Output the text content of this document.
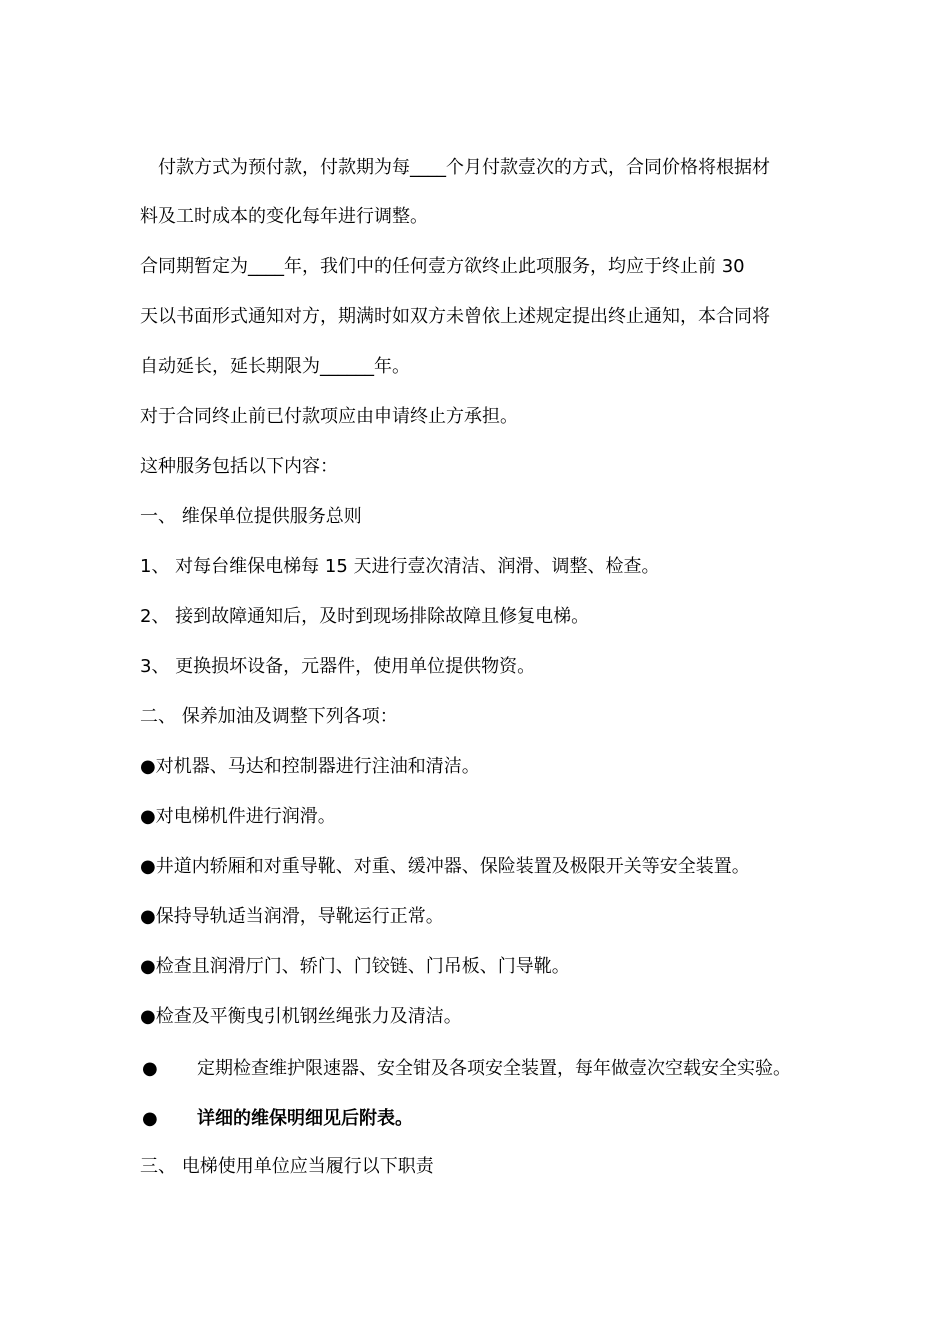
付款方式为预付款，付款期为每____个月付款壹次的方式，合同价格将根据材
料及工时成本的变化每年进行调整。
合同期暂定为____年，我们中的任何壹方欲终止此项服务，均应于终止前 30
天以书面形式通知对方，期满时如双方未曾依上述规定提出终止通知，本合同将
自动延长，延长期限为______年。
对于合同终止前已付款项应由申请终止方承担。
这种服务包括以下内容：
一、 维保单位提供服务总则
1、 对每台维保电梯每 15 天进行壹次清洁、润滑、调整、检查。
2、 接到故障通知后，及时到现场排除故障且修复电梯。
3、 更换损坏设备，元器件，使用单位提供物资。
二、 保养加油及调整下列各项：
●对机器、马达和控制器进行注油和清洁。
●对电梯机件进行润滑。
●井道内轿厢和对重导靴、对重、缓冲器、保险装置及极限开关等安全装置。
●保持导轨适当润滑，导靴运行正常。
●检查且润滑厅门、轿门、门铰链、门吊板、门导靴。
●检查及平衡曳引机钢丝绳张力及清洁。
● 定期检查维护限速器、安全钳及各项安全装置，每年做壹次空载安全实验。
● 详细的维保明细见后附表。
三、 电梯使用单位应当履行以下职责
